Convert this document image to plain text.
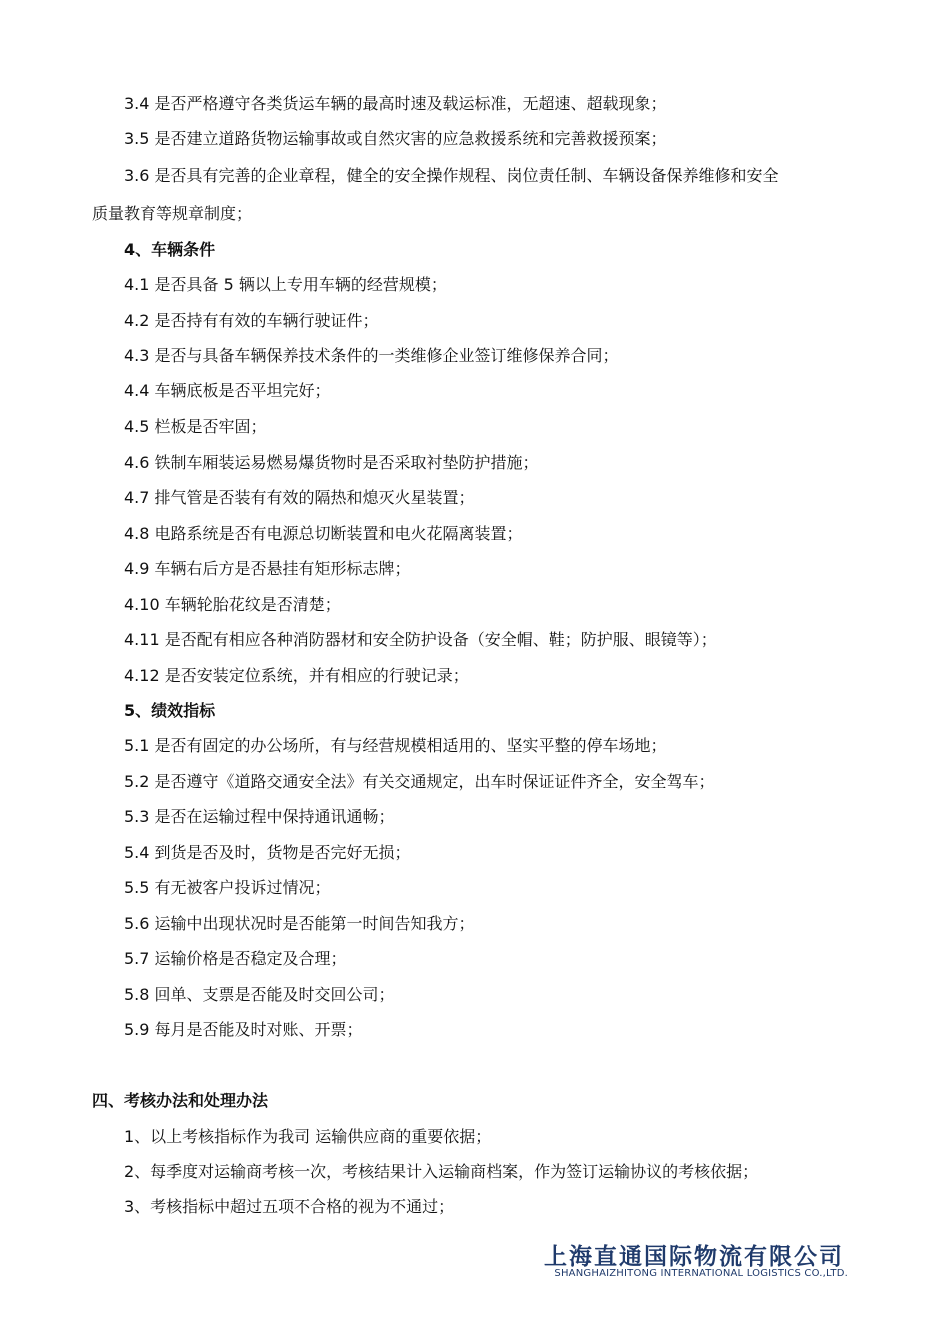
3.4 是否严格遵守各类货运车辆的最高时速及载运标准，无超速、超载现象；
3.5 是否建立道路货物运输事故或自然灾害的应急救援系统和完善救援预案；
3.6 是否具有完善的企业章程，健全的安全操作规程、岗位责任制、车辆设备保养维修和安全
质量教育等规章制度；
4、车辆条件
4.1 是否具备 5 辆以上专用车辆的经营规模；
4.2 是否持有有效的车辆行驶证件；
4.3 是否与具备车辆保养技术条件的一类维修企业签订维修保养合同；
4.4 车辆底板是否平坦完好；
4.5 栏板是否牢固；
4.6 铁制车厢装运易燃易爆货物时是否采取衬垫防护措施；
4.7 排气管是否装有有效的隔热和熄灭火星装置；
4.8 电路系统是否有电源总切断装置和电火花隔离装置；
4.9 车辆右后方是否悬挂有矩形标志牌；
4.10 车辆轮胎花纹是否清楚；
4.11 是否配有相应各种消防器材和安全防护设备（安全帽、鞋；防护服、眼镜等）；
4.12 是否安装定位系统，并有相应的行驶记录；
5、绩效指标
5.1 是否有固定的办公场所，有与经营规模相适用的、坚实平整的停车场地；
5.2 是否遵守《道路交通安全法》有关交通规定，出车时保证证件齐全，安全驾车；
5.3 是否在运输过程中保持通讯通畅；
5.4 到货是否及时，货物是否完好无损；
5.5 有无被客户投诉过情况；
5.6 运输中出现状况时是否能第一时间告知我方；
5.7 运输价格是否稳定及合理；
5.8 回单、支票是否能及时交回公司；
5.9 每月是否能及时对账、开票；
四、考核办法和处理办法
1、以上考核指标作为我司 运输供应商的重要依据；
2、每季度对运输商考核一次，考核结果计入运输商档案，作为签订运输协议的考核依据；
3、考核指标中超过五项不合格的视为不通过；
上海直通国际物流有限公司
SHANGHAIZHITONG INTERNATIONAL LOGISTICS CO.,LTD.
